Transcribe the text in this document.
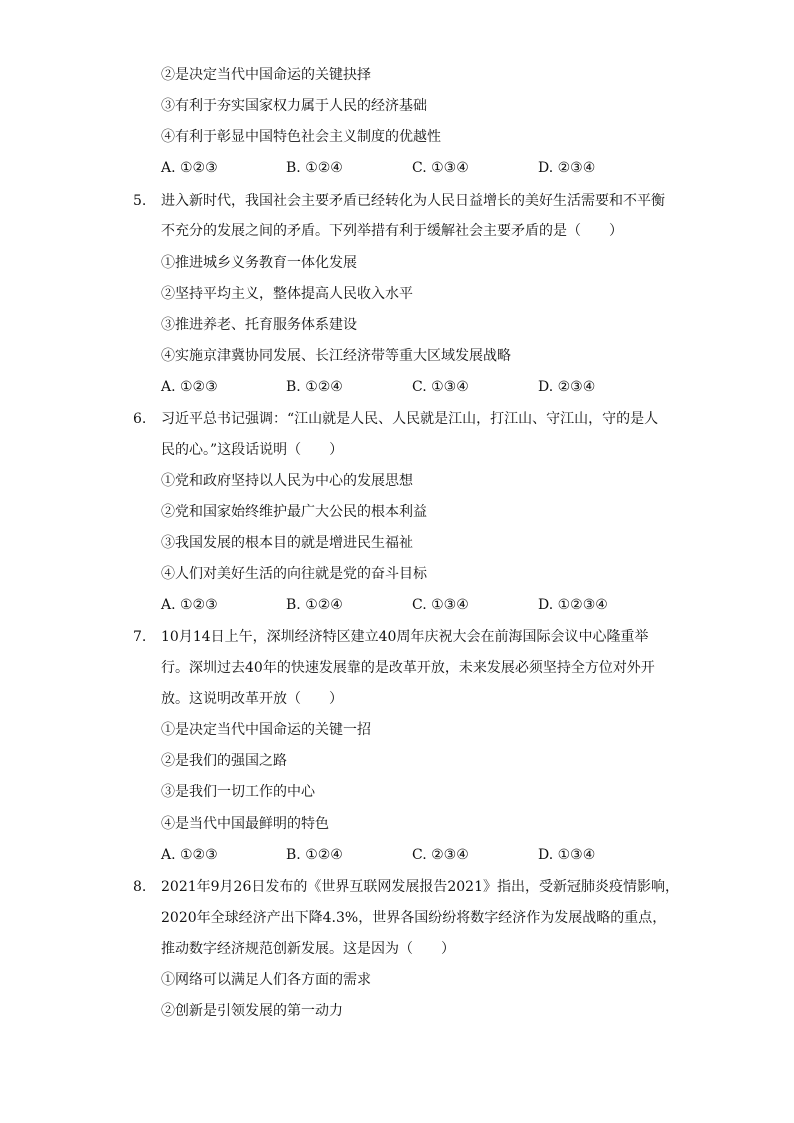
②是决定当代中国命运的关键抉择
③有利于夯实国家权力属于人民的经济基础
④有利于彰显中国特色社会主义制度的优越性
A. ①②③	B. ①②④	C. ①③④	D. ②③④
5. 进入新时代，我国社会主要矛盾已经转化为人民日益增长的美好生活需要和不平衡
不充分的发展之间的矛盾。下列举措有利于缓解社会主要矛盾的是（　　）
①推进城乡义务教育一体化发展
②坚持平均主义，整体提高人民收入水平
③推进养老、托育服务体系建设
④实施京津冀协同发展、长江经济带等重大区域发展战略
A. ①②③	B. ①②④	C. ①③④	D. ②③④
6. 习近平总书记强调：“江山就是人民、人民就是江山，打江山、守江山，守的是人
民的心。”这段话说明（　　）
①党和政府坚持以人民为中心的发展思想
②党和国家始终维护最广大公民的根本利益
③我国发展的根本目的就是增进民生福祉
④人们对美好生活的向往就是党的奋斗目标
A. ①②③	B. ①②④	C. ①③④	D. ①②③④
7. 10月14日上午，深圳经济特区建立40周年庆祝大会在前海国际会议中心隆重举
行。深圳过去40年的快速发展靠的是改革开放，未来发展必须坚持全方位对外开
放。这说明改革开放（　　）
①是决定当代中国命运的关键一招
②是我们的强国之路
③是我们一切工作的中心
④是当代中国最鲜明的特色
A. ①②③	B. ①②④	C. ②③④	D. ①③④
8. 2021年9月26日发布的《世界互联网发展报告2021》指出，受新冠肺炎疫情影响，
2020年全球经济产出下降4.3%，世界各国纷纷将数字经济作为发展战略的重点，
推动数字经济规范创新发展。这是因为（　　）
①网络可以满足人们各方面的需求
②创新是引领发展的第一动力
